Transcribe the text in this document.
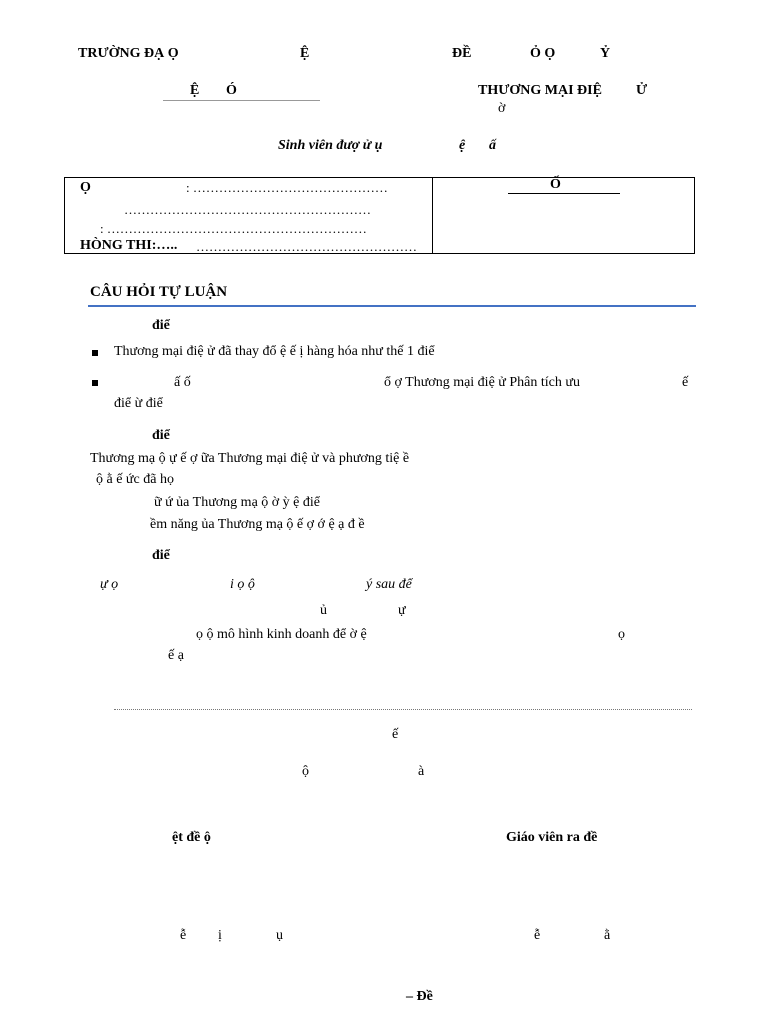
TRƯỜNG ĐẠ Ọ	Ệ	ĐỀ	Ỏ Ọ	Ỷ
Ệ Ó	THƯƠNG MẠI ĐIỆ Ử
ờ
Sinh viên đượ ử ụ	ệ ấ
Ọ	: ………………………………………
…………………………………………………
: ……………………………………………………
HÒNG THI:….. ……………………………………………
Ố
CÂU HỎI TỰ LUẬN
điể
Thương mại điệ ử đã thay đổ ệ ế ị hàng hóa như thế 1 điể
ấ ố	ổ ợ Thương mại điệ ử Phân tích ưu	ế
điể ừ điể
điể
Thương mạ ộ ự ế ợ ữa Thương mại điệ ử và phương tiệ ề
ộ ằ ế ức đã họ
ữ ứ ủa Thương mạ ộ ờ ỳ ệ điể
ềm năng ủa Thương mạ ộ ế ợ ớ ệ ạ đ ề
điể
ự ọ	i ọ ộ	ý sau để
ủ	ự
ọ ộ mô hình kinh doanh để ờ ệ	ọ
ế ạ
ế
ộ	à
ệt đề ộ	Giáo viên ra đề
ễ ị	ụ	ễ	ằ
– Đề
